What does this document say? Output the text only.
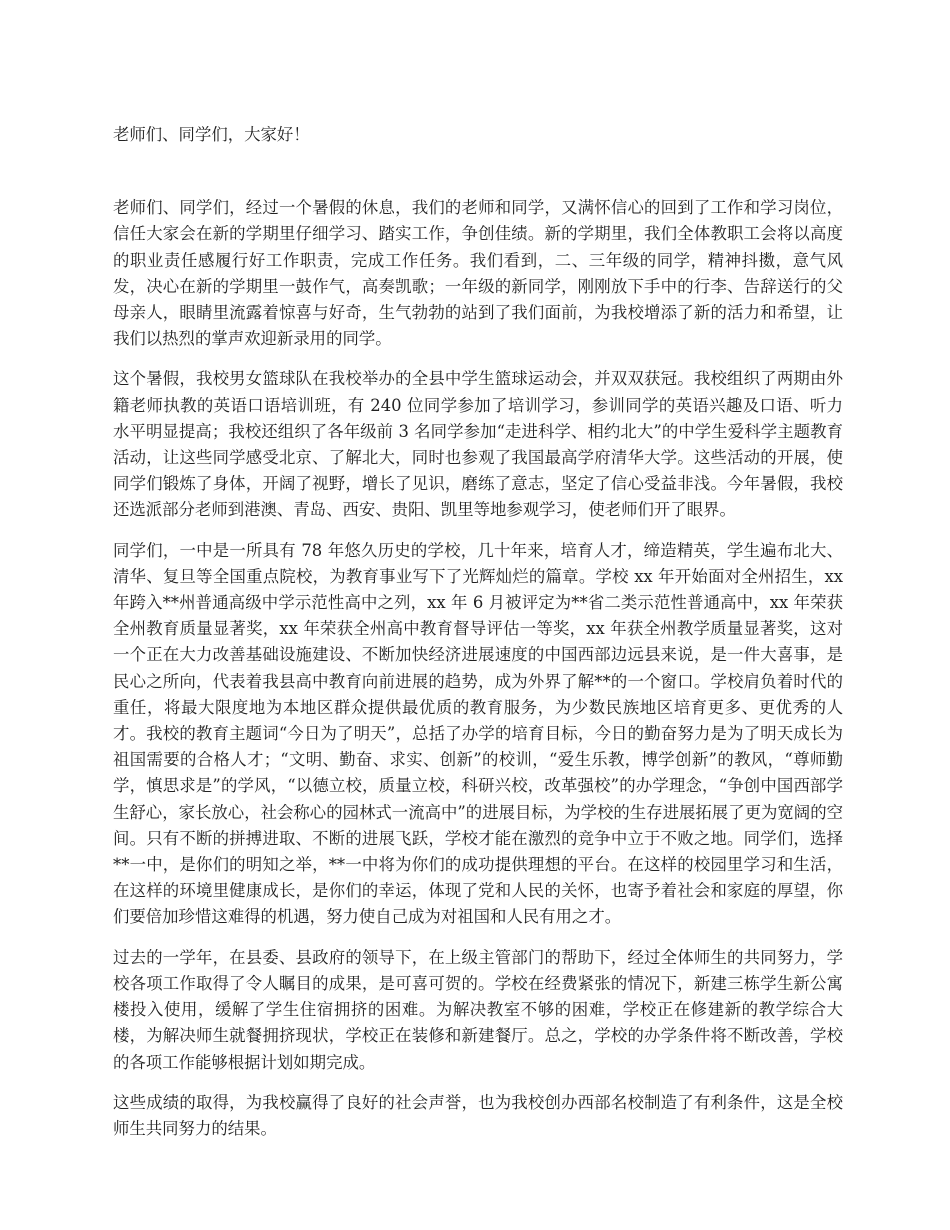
老师们、同学们，大家好！

老师们、同学们，经过一个暑假的休息，我们的老师和同学，又满怀信心的回到了工作和学习岗位，信任大家会在新的学期里仔细学习、踏实工作，争创佳绩。新的学期里，我们全体教职工会将以高度的职业责任感履行好工作职责，完成工作任务。我们看到，二、三年级的同学，精神抖擞，意气风发，决心在新的学期里一鼓作气，高奏凯歌；一年级的新同学，刚刚放下手中的行李、告辞送行的父母亲人，眼睛里流露着惊喜与好奇，生气勃勃的站到了我们面前，为我校增添了新的活力和希望，让我们以热烈的掌声欢迎新录用的同学。

这个暑假，我校男女篮球队在我校举办的全县中学生篮球运动会，并双双获冠。我校组织了两期由外籍老师执教的英语口语培训班，有 240 位同学参加了培训学习，参训同学的英语兴趣及口语、听力水平明显提高；我校还组织了各年级前 3 名同学参加“走进科学、相约北大”的中学生爱科学主题教育活动，让这些同学感受北京、了解北大，同时也参观了我国最高学府清华大学。这些活动的开展，使同学们锻炼了身体，开阔了视野，增长了见识，磨练了意志，坚定了信心受益非浅。今年暑假，我校还选派部分老师到港澳、青岛、西安、贵阳、凯里等地参观学习，使老师们开了眼界。

同学们，一中是一所具有 78 年悠久历史的学校，几十年来，培育人才，缔造精英，学生遍布北大、清华、复旦等全国重点院校，为教育事业写下了光辉灿烂的篇章。学校 xx 年开始面对全州招生，xx 年跨入**州普通高级中学示范性高中之列，xx 年 6 月被评定为**省二类示范性普通高中，xx 年荣获全州教育质量显著奖，xx 年荣获全州高中教育督导评估一等奖，xx 年获全州教学质量显著奖，这对一个正在大力改善基础设施建设、不断加快经济进展速度的中国西部边远县来说，是一件大喜事，是民心之所向，代表着我县高中教育向前进展的趋势，成为外界了解**的一个窗口。学校肩负着时代的重任，将最大限度地为本地区群众提供最优质的教育服务，为少数民族地区培育更多、更优秀的人才。我校的教育主题词“今日为了明天”，总括了办学的培育目标，今日的勤奋努力是为了明天成长为祖国需要的合格人才；“文明、勤奋、求实、创新”的校训，“爱生乐教，博学创新”的教风，“尊师勤学，慎思求是”的学风，“以德立校，质量立校，科研兴校，改革强校”的办学理念，“争创中国西部学生舒心，家长放心，社会称心的园林式一流高中”的进展目标，为学校的生存进展拓展了更为宽阔的空间。只有不断的拼搏进取、不断的进展飞跃，学校才能在激烈的竞争中立于不败之地。同学们，选择**一中，是你们的明知之举，**一中将为你们的成功提供理想的平台。在这样的校园里学习和生活，在这样的环境里健康成长，是你们的幸运，体现了党和人民的关怀，也寄予着社会和家庭的厚望，你们要倍加珍惜这难得的机遇，努力使自己成为对祖国和人民有用之才。

过去的一学年，在县委、县政府的领导下，在上级主管部门的帮助下，经过全体师生的共同努力，学校各项工作取得了令人瞩目的成果，是可喜可贺的。学校在经费紧张的情况下，新建三栋学生新公寓楼投入使用，缓解了学生住宿拥挤的困难。为解决教室不够的困难，学校正在修建新的教学综合大楼，为解决师生就餐拥挤现状，学校正在装修和新建餐厅。总之，学校的办学条件将不断改善，学校的各项工作能够根据计划如期完成。

这些成绩的取得，为我校赢得了良好的社会声誉，也为我校创办西部名校制造了有利条件，这是全校师生共同努力的结果。
